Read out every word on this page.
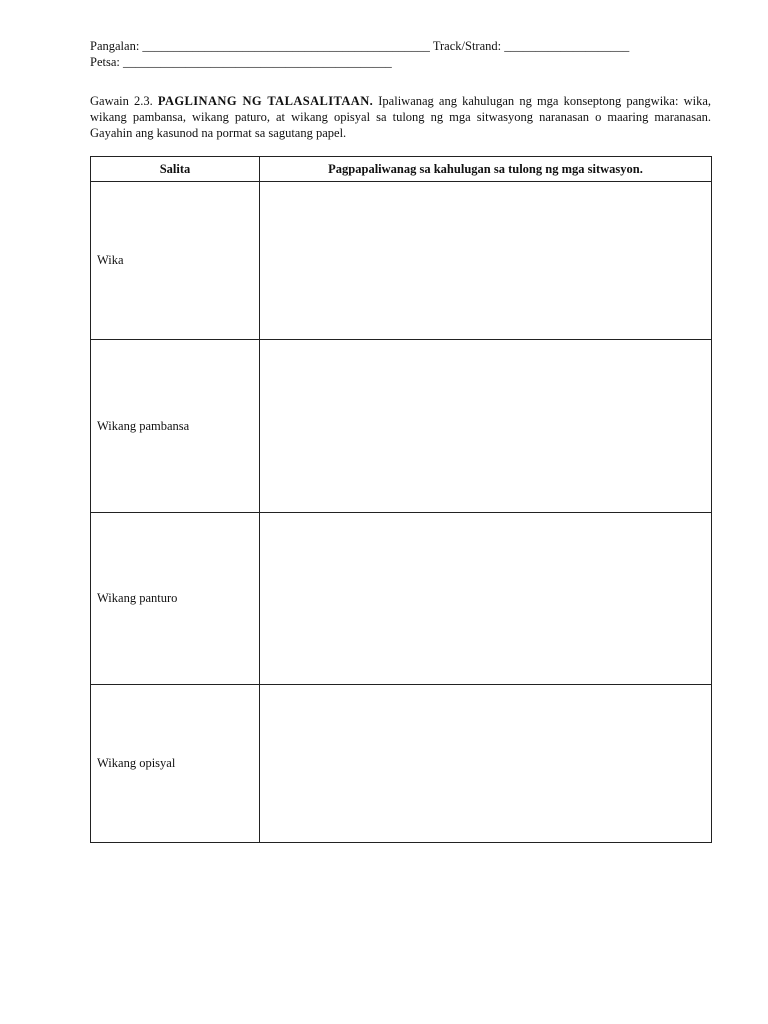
Pangalan: ______________________________________________ Track/Strand: ____________________
Petsa: ___________________________________________
Gawain 2.3. PAGLINANG NG TALASALITAAN. Ipaliwanag ang kahulugan ng mga konseptong pangwika: wika, wikang pambansa, wikang paturo, at wikang opisyal sa tulong ng mga sitwasyong naranasan o maaring maranasan. Gayahin ang kasunod na pormat sa sagutang papel.
Salita	Pagpapaliwanag sa kahulugan sa tulong ng mga sitwasyon.
Wika	
Wikang pambansa	
Wikang panturo	
Wikang opisyal	
